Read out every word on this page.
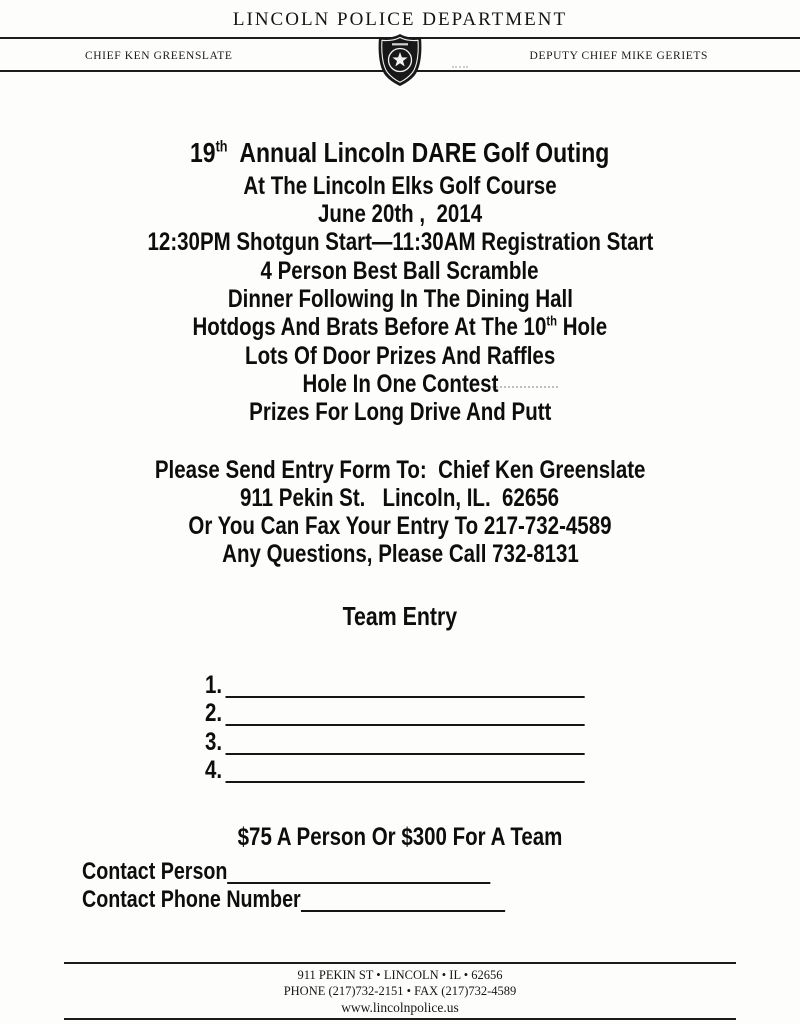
LINCOLN POLICE DEPARTMENT
CHIEF KEN GREENSLATE	DEPUTY CHIEF MIKE GERIETS
19th  Annual Lincoln DARE Golf Outing
At The Lincoln Elks Golf Course
June 20th ,  2014
12:30PM Shotgun Start—11:30AM Registration Start
4 Person Best Ball Scramble
Dinner Following In The Dining Hall
Hotdogs And Brats Before At The 10th Hole
Lots Of Door Prizes And Raffles
Hole In One Contest
Prizes For Long Drive And Putt
Please Send Entry Form To:  Chief Ken Greenslate
911 Pekin St.   Lincoln, IL.  62656
Or You Can Fax Your Entry To 217-732-4589
Any Questions, Please Call 732-8131
Team Entry
1.
2.
3.
4.
$75 A Person Or $300 For A Team
Contact Person
Contact Phone Number
911 PEKIN ST • LINCOLN • IL • 62656
PHONE (217)732-2151 • FAX (217)732-4589
www.lincolnpolice.us
